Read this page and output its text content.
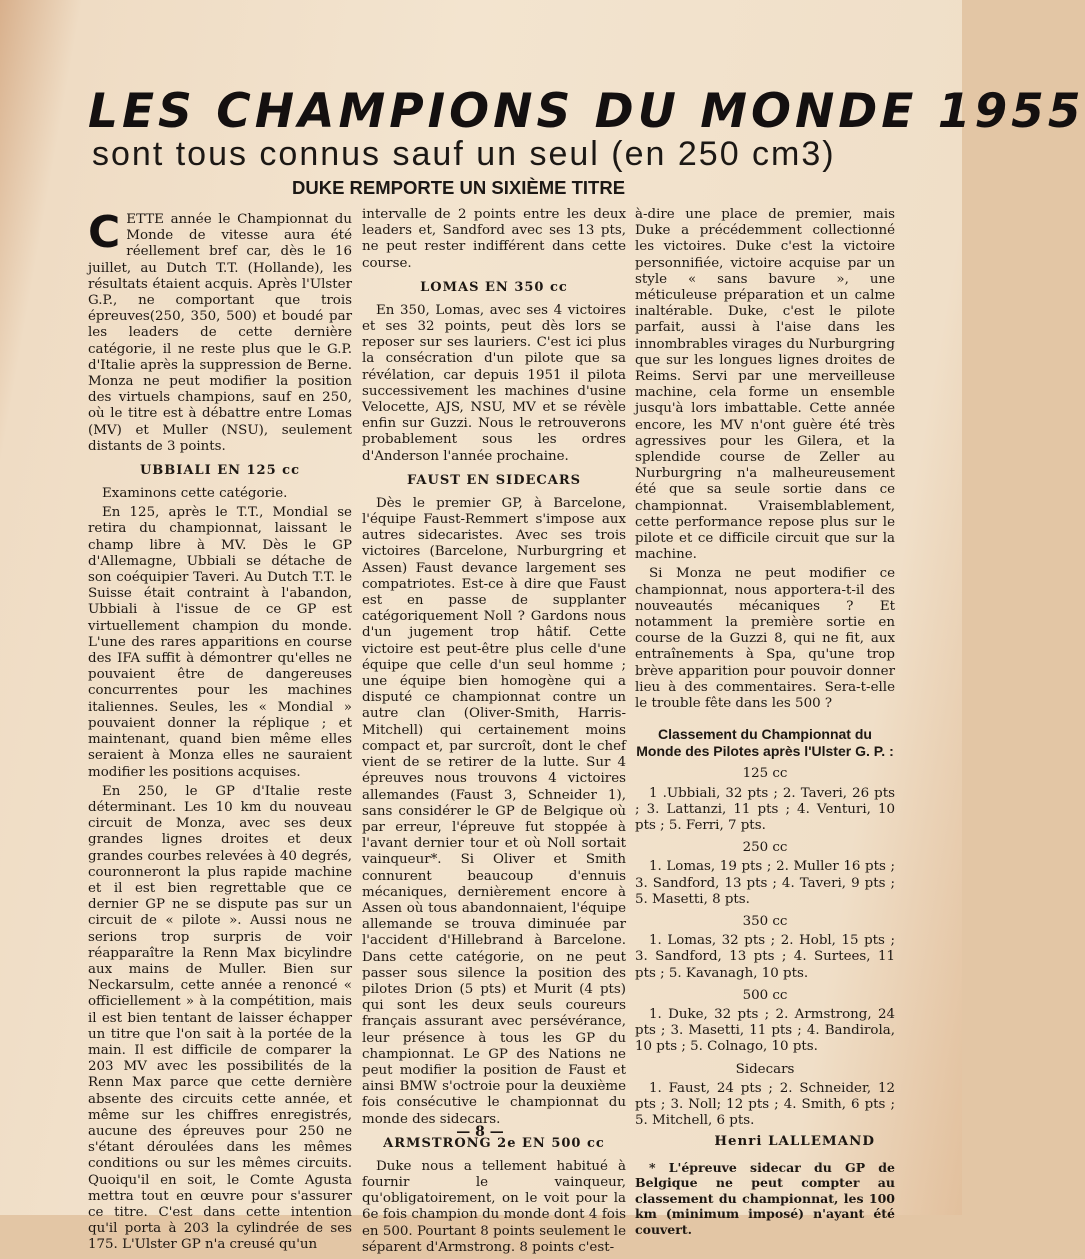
LES CHAMPIONS DU MONDE 1955
sont tous connus sauf un seul (en 250 cm3)
DUKE REMPORTE UN SIXIÈME TITRE

CETTE année le Championnat du Monde de vitesse aura été réellement bref car, dès le 16 juillet, au Dutch T.T. (Hollande), les résultats étaient acquis. Après l'Ulster G.P., ne comportant que trois épreuves(250, 350, 500) et boudé par les leaders de cette dernière catégorie, il ne reste plus que le G.P. d'Italie après la suppression de Berne. Monza ne peut modifier la position des virtuels champions, sauf en 250, où le titre est à débattre entre Lomas (MV) et Muller (NSU), seulement distants de 3 points.

UBBIALI EN 125 cc

Examinons cette catégorie.

En 125, après le T.T., Mondial se retira du championnat, laissant le champ libre à MV. Dès le GP d'Allemagne, Ubbiali se détache de son coéquipier Taveri. Au Dutch T.T. le Suisse était contraint à l'abandon, Ubbiali à l'issue de ce GP est virtuellement champion du monde. L'une des rares apparitions en course des IFA suffit à démontrer qu'elles ne pouvaient être de dangereuses concurrentes pour les machines italiennes. Seules, les « Mondial » pouvaient donner la réplique ; et maintenant, quand bien même elles seraient à Monza elles ne sauraient modifier les positions acquises.

En 250, le GP d'Italie reste déterminant. Les 10 km du nouveau circuit de Monza, avec ses deux grandes lignes droites et deux grandes courbes relevées à 40 degrés, couronneront la plus rapide machine et il est bien regrettable que ce dernier GP ne se dispute pas sur un circuit de « pilote ». Aussi nous ne serions trop surpris de voir réapparaître la Renn Max bicylindre aux mains de Muller. Bien sur Neckarsulm, cette année a renoncé « officiellement » à la compétition, mais il est bien tentant de laisser échapper un titre que l'on sait à la portée de la main. Il est difficile de comparer la 203 MV avec les possibilités de la Renn Max parce que cette dernière absente des circuits cette année, et même sur les chiffres enregistrés, aucune des épreuves pour 250 ne s'étant déroulées dans les mêmes conditions ou sur les mêmes circuits. Quoiqu'il en soit, le Comte Agusta mettra tout en œuvre pour s'assurer ce titre. C'est dans cette intention qu'il porta à 203 la cylindrée de ses 175. L'Ulster GP n'a creusé qu'un

intervalle de 2 points entre les deux leaders et, Sandford avec ses 13 pts, ne peut rester indifférent dans cette course.

LOMAS EN 350 cc

En 350, Lomas, avec ses 4 victoires et ses 32 points, peut dès lors se reposer sur ses lauriers. C'est ici plus la consécration d'un pilote que sa révélation, car depuis 1951 il pilota successivement les machines d'usine Velocette, AJS, NSU, MV et se révèle enfin sur Guzzi. Nous le retrouverons probablement sous les ordres d'Anderson l'année prochaine.

FAUST EN SIDECARS

Dès le premier GP, à Barcelone, l'équipe Faust-Remmert s'impose aux autres sidecaristes. Avec ses trois victoires (Barcelone, Nurburgring et Assen) Faust devance largement ses compatriotes. Est-ce à dire que Faust est en passe de supplanter catégoriquement Noll ? Gardons nous d'un jugement trop hâtif. Cette victoire est peut-être plus celle d'une équipe que celle d'un seul homme ; une équipe bien homogène qui a disputé ce championnat contre un autre clan (Oliver-Smith, Harris-Mitchell) qui certainement moins compact et, par surcroît, dont le chef vient de se retirer de la lutte. Sur 4 épreuves nous trouvons 4 victoires allemandes (Faust 3, Schneider 1), sans considérer le GP de Belgique où par erreur, l'épreuve fut stoppée à l'avant dernier tour et où Noll sortait vainqueur*. Si Oliver et Smith connurent beaucoup d'ennuis mécaniques, dernièrement encore à Assen où tous abandonnaient, l'équipe allemande se trouva diminuée par l'accident d'Hillebrand à Barcelone. Dans cette catégorie, on ne peut passer sous silence la position des pilotes Drion (5 pts) et Murit (4 pts) qui sont les deux seuls coureurs français assurant avec persévérance, leur présence à tous les GP du championnat. Le GP des Nations ne peut modifier la position de Faust et ainsi BMW s'octroie pour la deuxième fois consécutive le championnat du monde des sidecars.

ARMSTRONG 2e EN 500 cc

Duke nous a tellement habitué à fournir le vainqueur, qu'obligatoirement, on le voit pour la 6e fois champion du monde dont 4 fois en 500. Pourtant 8 points seulement le séparent d'Armstrong. 8 points c'est-

à-dire une place de premier, mais Duke a précédemment collectionné les victoires. Duke c'est la victoire personnifiée, victoire acquise par un style « sans bavure », une méticuleuse préparation et un calme inaltérable. Duke, c'est le pilote parfait, aussi à l'aise dans les innombrables virages du Nurburgring que sur les longues lignes droites de Reims. Servi par une merveilleuse machine, cela forme un ensemble jusqu'à lors imbattable. Cette année encore, les MV n'ont guère été très agressives pour les Gilera, et la splendide course de Zeller au Nurburgring n'a malheureusement été que sa seule sortie dans ce championnat. Vraisemblablement, cette performance repose plus sur le pilote et ce difficile circuit que sur la machine.

Si Monza ne peut modifier ce championnat, nous apportera-t-il des nouveautés mécaniques ? Et notamment la première sortie en course de la Guzzi 8, qui ne fit, aux entraînements à Spa, qu'une trop brève apparition pour pouvoir donner lieu à des commentaires. Sera-t-elle le trouble fête dans les 500 ?

Classement du Championnat du Monde des Pilotes après l'Ulster G. P. :
125 cc

1 .Ubbiali, 32 pts ; 2. Taveri, 26 pts ; 3. Lattanzi, 11 pts ; 4. Venturi, 10 pts ; 5. Ferri, 7 pts.

250 cc

1. Lomas, 19 pts ; 2. Muller 16 pts ; 3. Sandford, 13 pts ; 4. Taveri, 9 pts ; 5. Masetti, 8 pts.

350 cc

1. Lomas, 32 pts ; 2. Hobl, 15 pts ; 3. Sandford, 13 pts ; 4. Surtees, 11 pts ; 5. Kavanagh, 10 pts.

500 cc

1. Duke, 32 pts ; 2. Armstrong, 24 pts ; 3. Masetti, 11 pts ; 4. Bandirola, 10 pts ; 5. Colnago, 10 pts.

Sidecars

1. Faust, 24 pts ; 2. Schneider, 12 pts ; 3. Noll; 12 pts ; 4. Smith, 6 pts ; 5. Mitchell, 6 pts.

Henri LALLEMAND

* L'épreuve sidecar du GP de Belgique ne peut compter au classement du championnat, les 100 km (minimum imposé) n'ayant été couvert.

— 8 —
